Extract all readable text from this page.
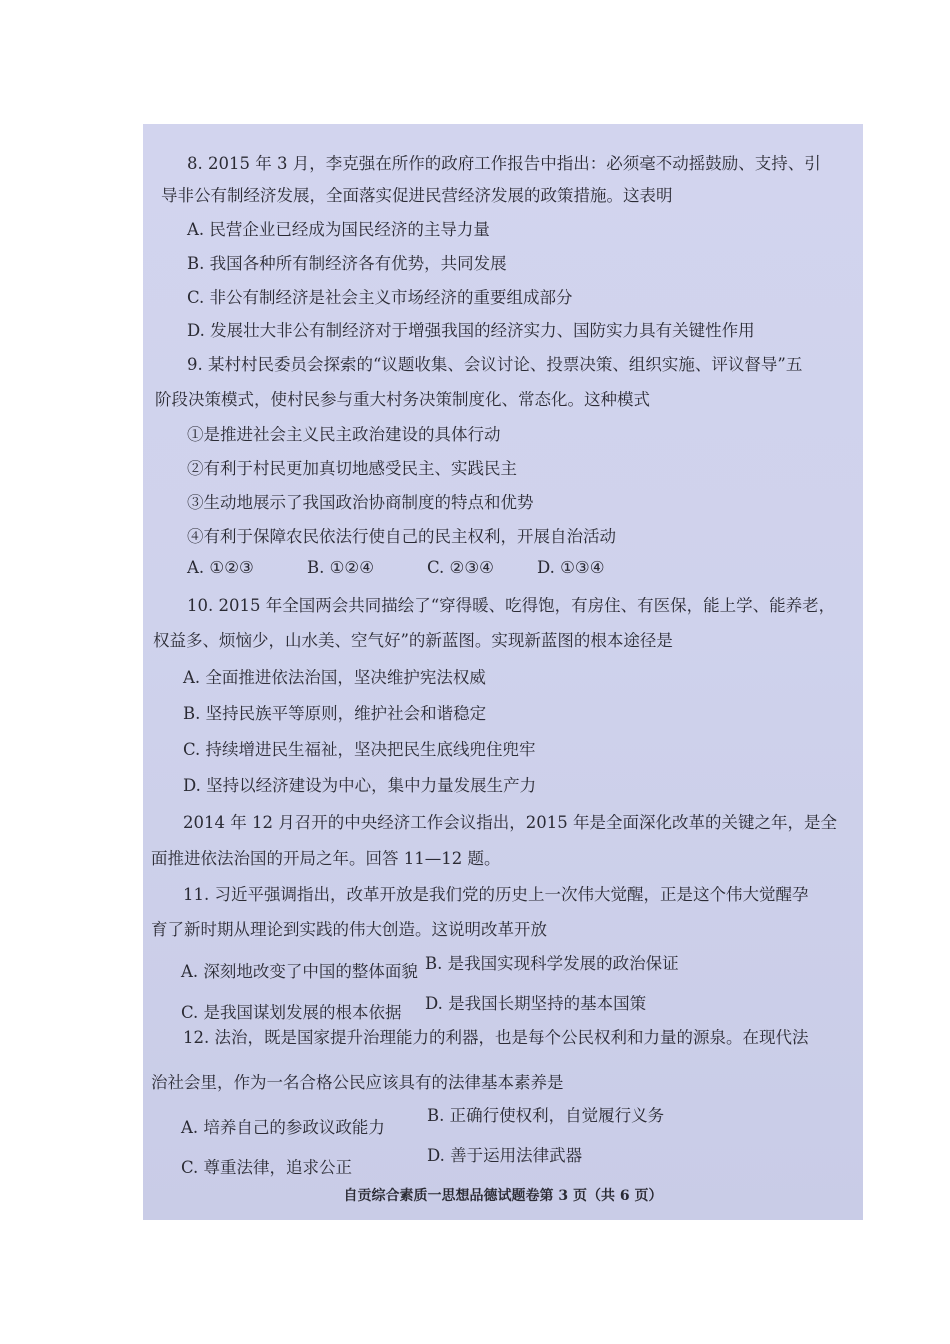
8. 2015 年 3 月，李克强在所作的政府工作报告中指出：必须毫不动摇鼓励、支持、引
导非公有制经济发展，全面落实促进民营经济发展的政策措施。这表明
A. 民营企业已经成为国民经济的主导力量
B. 我国各种所有制经济各有优势，共同发展
C. 非公有制经济是社会主义市场经济的重要组成部分
D. 发展壮大非公有制经济对于增强我国的经济实力、国防实力具有关键性作用
9. 某村村民委员会探索的“议题收集、会议讨论、投票决策、组织实施、评议督导”五
阶段决策模式，使村民参与重大村务决策制度化、常态化。这种模式
①是推进社会主义民主政治建设的具体行动
②有利于村民更加真切地感受民主、实践民主
③生动地展示了我国政治协商制度的特点和优势
④有利于保障农民依法行使自己的民主权利，开展自治活动
A. ①②③	B. ①②④	C. ②③④	D. ①③④
10. 2015 年全国两会共同描绘了“穿得暖、吃得饱，有房住、有医保，能上学、能养老，
权益多、烦恼少，山水美、空气好”的新蓝图。实现新蓝图的根本途径是
A. 全面推进依法治国，坚决维护宪法权威
B. 坚持民族平等原则，维护社会和谐稳定
C. 持续增进民生福祉，坚决把民生底线兜住兜牢
D. 坚持以经济建设为中心，集中力量发展生产力
2014 年 12 月召开的中央经济工作会议指出，2015 年是全面深化改革的关键之年，是全
面推进依法治国的开局之年。回答 11—12 题。
11. 习近平强调指出，改革开放是我们党的历史上一次伟大觉醒，正是这个伟大觉醒孕
育了新时期从理论到实践的伟大创造。这说明改革开放
A. 深刻地改变了中国的整体面貌 B. 是我国实现科学发展的政治保证
C. 是我国谋划发展的根本依据 D. 是我国长期坚持的基本国策
12. 法治，既是国家提升治理能力的利器，也是每个公民权利和力量的源泉。在现代法
治社会里，作为一名合格公民应该具有的法律基本素养是
A. 培养自己的参政议政能力
B. 正确行使权利，自觉履行义务
C. 尊重法律，追求公正
D. 善于运用法律武器
自贡综合素质一思想品德试题卷第 3 页（共 6 页）
